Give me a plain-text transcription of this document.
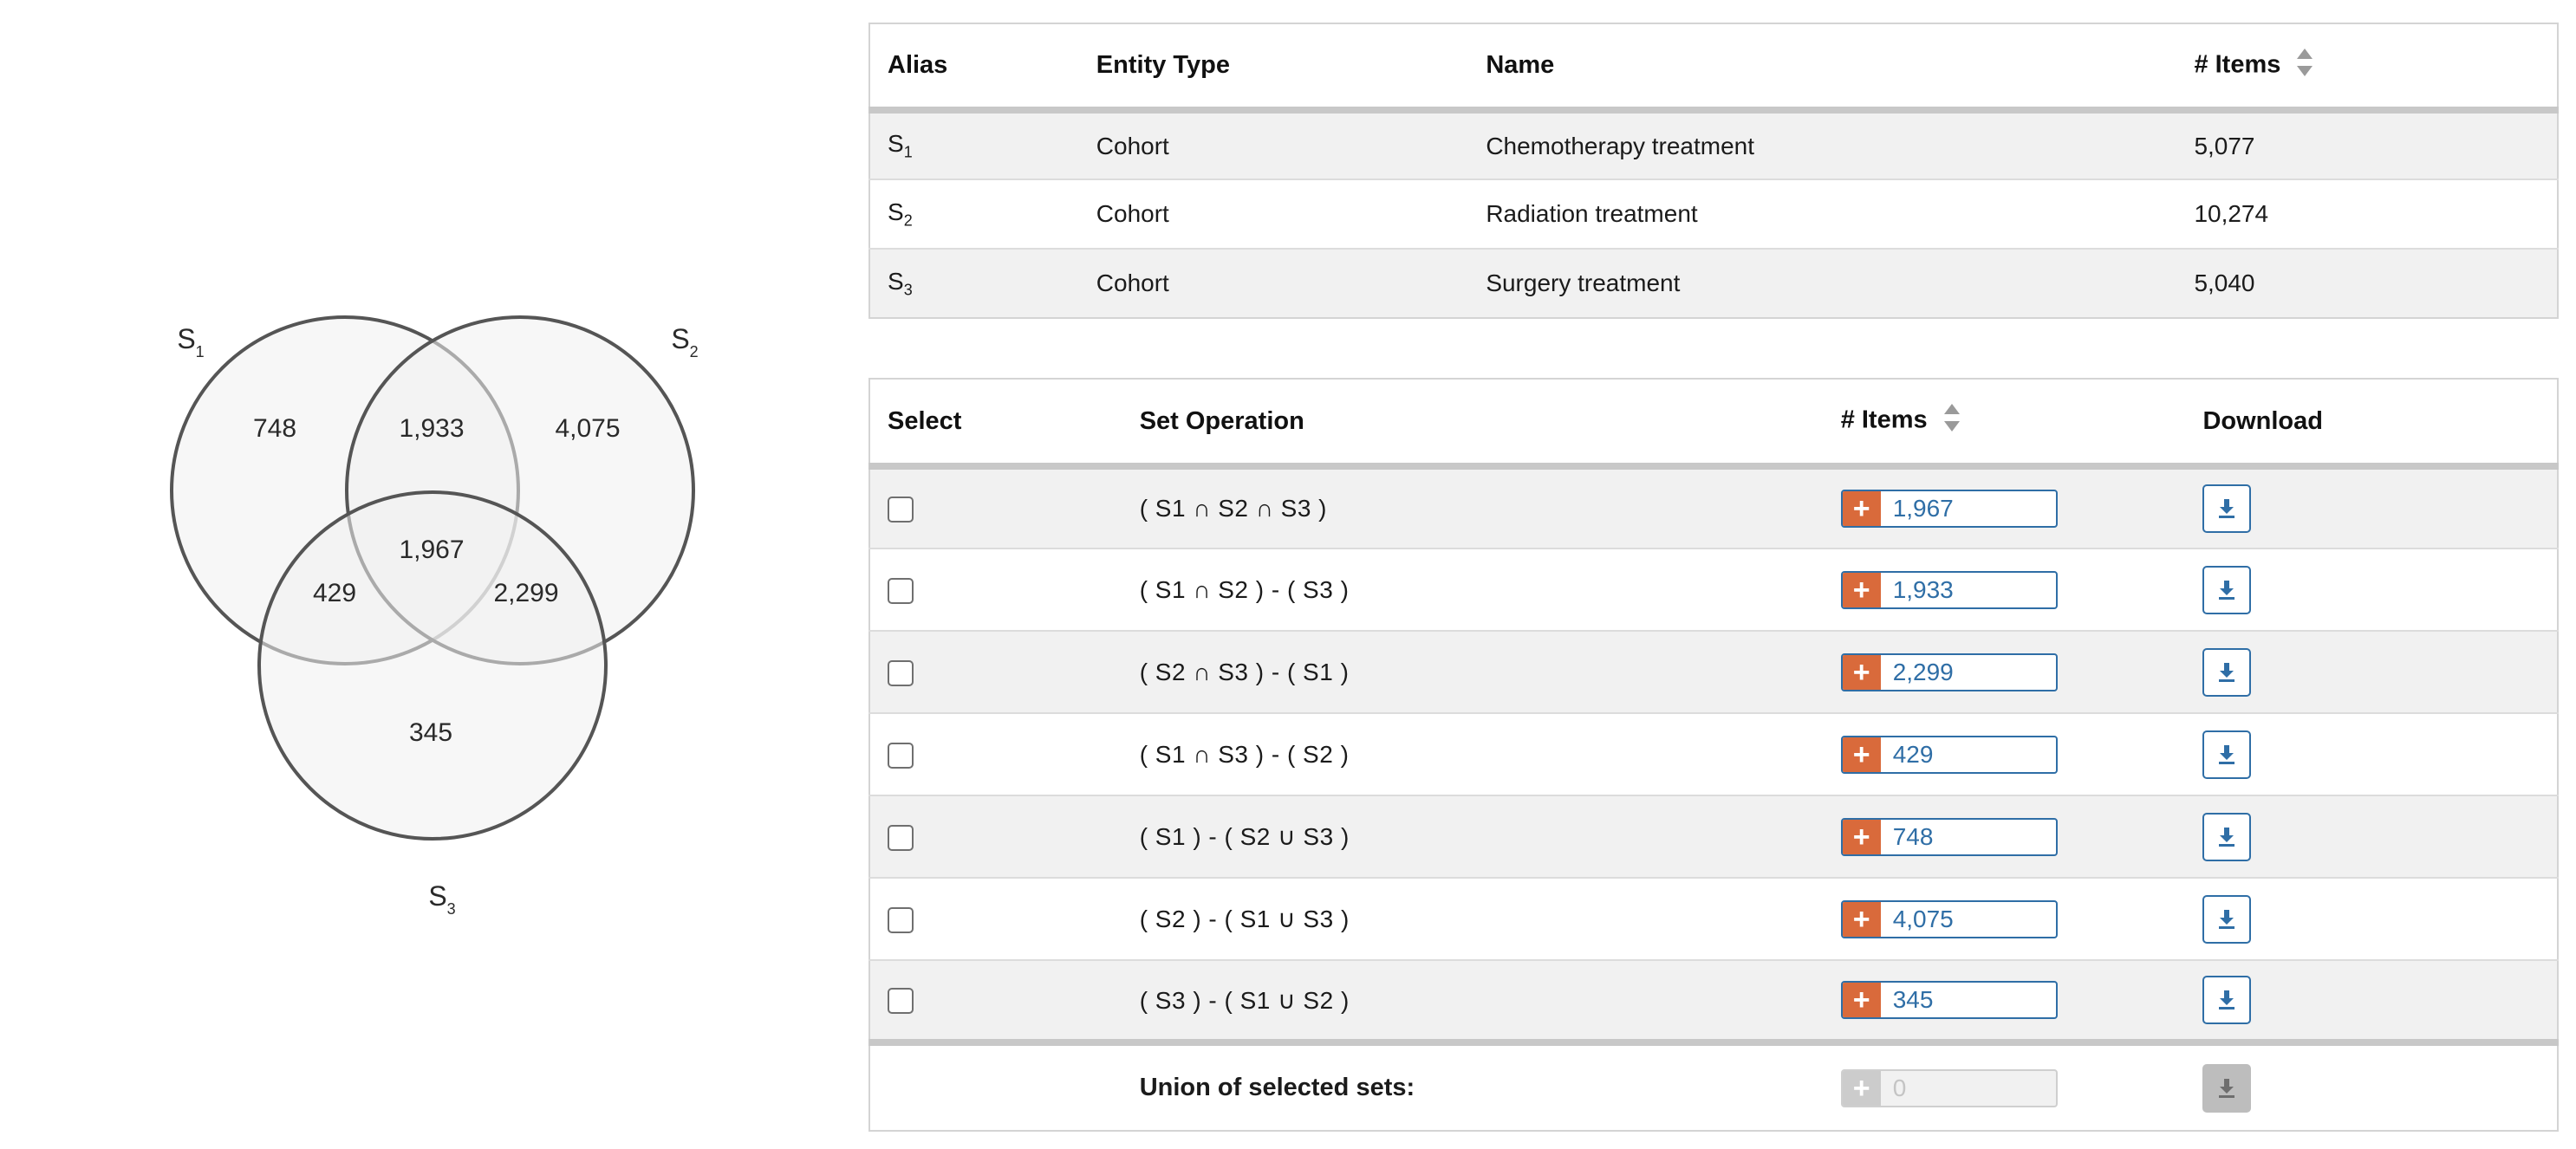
$S_1$	$S_2$
$S_3$
748	1,933	4,075
1,967
429	2,299
345
Alias	Entity Type	Name	# Items
$S_1$	Cohort	Chemotherapy treatment	5,077
$S_2$	Cohort	Radiation treatment	10,274
$S_3$	Cohort	Surgery treatment	5,040
Select	Set Operation	# Items	Download
	( S1 ∩ S2 ∩ S3 )	+ 1,967

	( S1 ∩ S2 ) - ( S3 )	+ 1,933

	( S2 ∩ S3 ) - ( S1 )	+ 2,299

	( S1 ∩ S3 ) - ( S2 )	+ 429

	( S1 ) - ( S2 ∪ S3 )	+ 748

	( S2 ) - ( S1 ∪ S3 )	+ 4,075

	( S3 ) - ( S1 ∪ S2 )	+ 345

	Union of selected sets:	+ 0
